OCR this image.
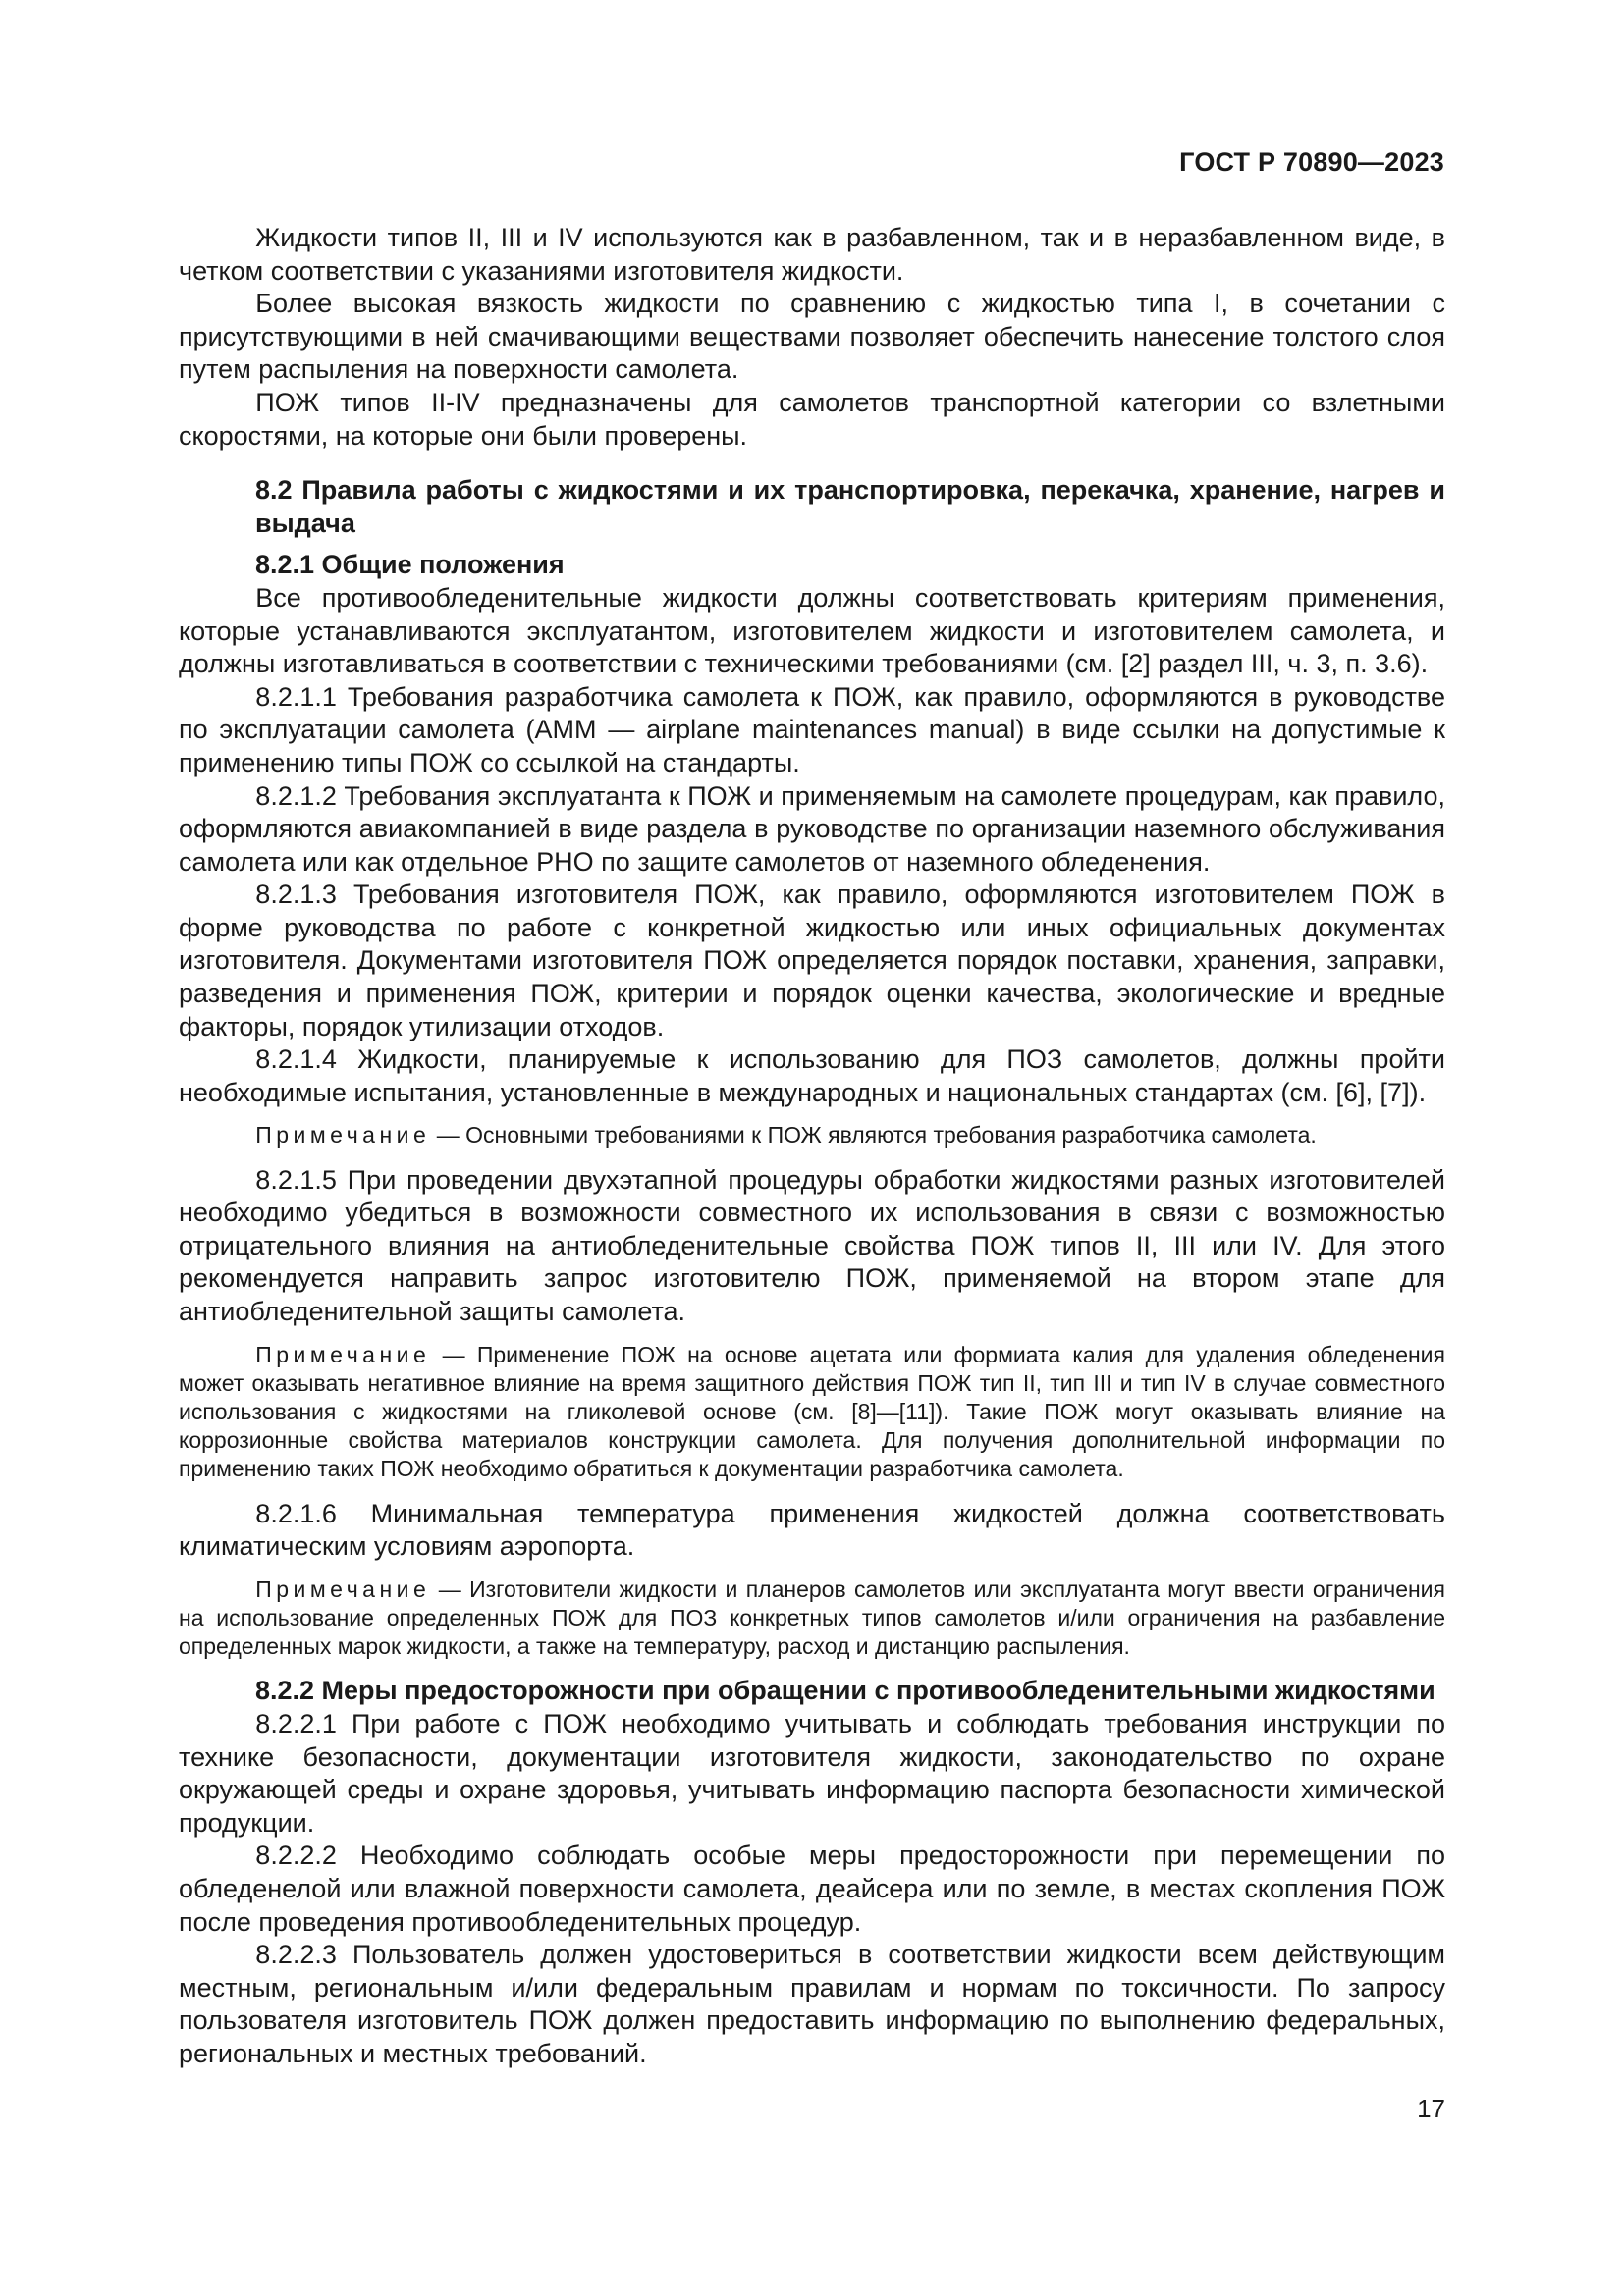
ГОСТ Р 70890—2023

Жидкости типов II, III и IV используются как в разбавленном, так и в неразбавленном виде, в четком соответствии с указаниями изготовителя жидкости.

Более высокая вязкость жидкости по сравнению с жидкостью типа I, в сочетании с присутствующими в ней смачивающими веществами позволяет обеспечить нанесение толстого слоя путем распыления на поверхности самолета.

ПОЖ типов II-IV предназначены для самолетов транспортной категории со взлетными скоростями, на которые они были проверены.

8.2 Правила работы с жидкостями и их транспортировка, перекачка, хранение, нагрев и выдача

8.2.1 Общие положения

Все противообледенительные жидкости должны соответствовать критериям применения, которые устанавливаются эксплуатантом, изготовителем жидкости и изготовителем самолета, и должны изготавливаться в соответствии с техническими требованиями (см. [2] раздел III, ч. 3, п. 3.6).

8.2.1.1 Требования разработчика самолета к ПОЖ, как правило, оформляются в руководстве по эксплуатации самолета (AMM — airplane maintenances manual) в виде ссылки на допустимые к применению типы ПОЖ со ссылкой на стандарты.

8.2.1.2 Требования эксплуатанта к ПОЖ и применяемым на самолете процедурам, как правило, оформляются авиакомпанией в виде раздела в руководстве по организации наземного обслуживания самолета или как отдельное РНО по защите самолетов от наземного обледенения.

8.2.1.3 Требования изготовителя ПОЖ, как правило, оформляются изготовителем ПОЖ в форме руководства по работе с конкретной жидкостью или иных официальных документах изготовителя. Документами изготовителя ПОЖ определяется порядок поставки, хранения, заправки, разведения и применения ПОЖ, критерии и порядок оценки качества, экологические и вредные факторы, порядок утилизации отходов.

8.2.1.4 Жидкости, планируемые к использованию для ПОЗ самолетов, должны пройти необходимые испытания, установленные в международных и национальных стандартах (см. [6], [7]).

Примечание — Основными требованиями к ПОЖ являются требования разработчика самолета.

8.2.1.5 При проведении двухэтапной процедуры обработки жидкостями разных изготовителей необходимо убедиться в возможности совместного их использования в связи с возможностью отрицательного влияния на антиобледенительные свойства ПОЖ типов II, III или IV. Для этого рекомендуется направить запрос изготовителю ПОЖ, применяемой на втором этапе для антиобледенительной защиты самолета.

Примечание — Применение ПОЖ на основе ацетата или формиата калия для удаления обледенения может оказывать негативное влияние на время защитного действия ПОЖ тип II, тип III и тип IV в случае совместного использования с жидкостями на гликолевой основе (см. [8]—[11]). Такие ПОЖ могут оказывать влияние на коррозионные свойства материалов конструкции самолета. Для получения дополнительной информации по применению таких ПОЖ необходимо обратиться к документации разработчика самолета.

8.2.1.6 Минимальная температура применения жидкостей должна соответствовать климатическим условиям аэропорта.

Примечание — Изготовители жидкости и планеров самолетов или эксплуатанта могут ввести ограничения на использование определенных ПОЖ для ПОЗ конкретных типов самолетов и/или ограничения на разбавление определенных марок жидкости, а также на температуру, расход и дистанцию распыления.

8.2.2 Меры предосторожности при обращении с противообледенительными жидкостями

8.2.2.1 При работе с ПОЖ необходимо учитывать и соблюдать требования инструкции по технике безопасности, документации изготовителя жидкости, законодательство по охране окружающей среды и охране здоровья, учитывать информацию паспорта безопасности химической продукции.

8.2.2.2 Необходимо соблюдать особые меры предосторожности при перемещении по обледенелой или влажной поверхности самолета, деайсера или по земле, в местах скопления ПОЖ после проведения противообледенительных процедур.

8.2.2.3 Пользователь должен удостовериться в соответствии жидкости всем действующим местным, региональным и/или федеральным правилам и нормам по токсичности. По запросу пользователя изготовитель ПОЖ должен предоставить информацию по выполнению федеральных, региональных и местных требований.

17
